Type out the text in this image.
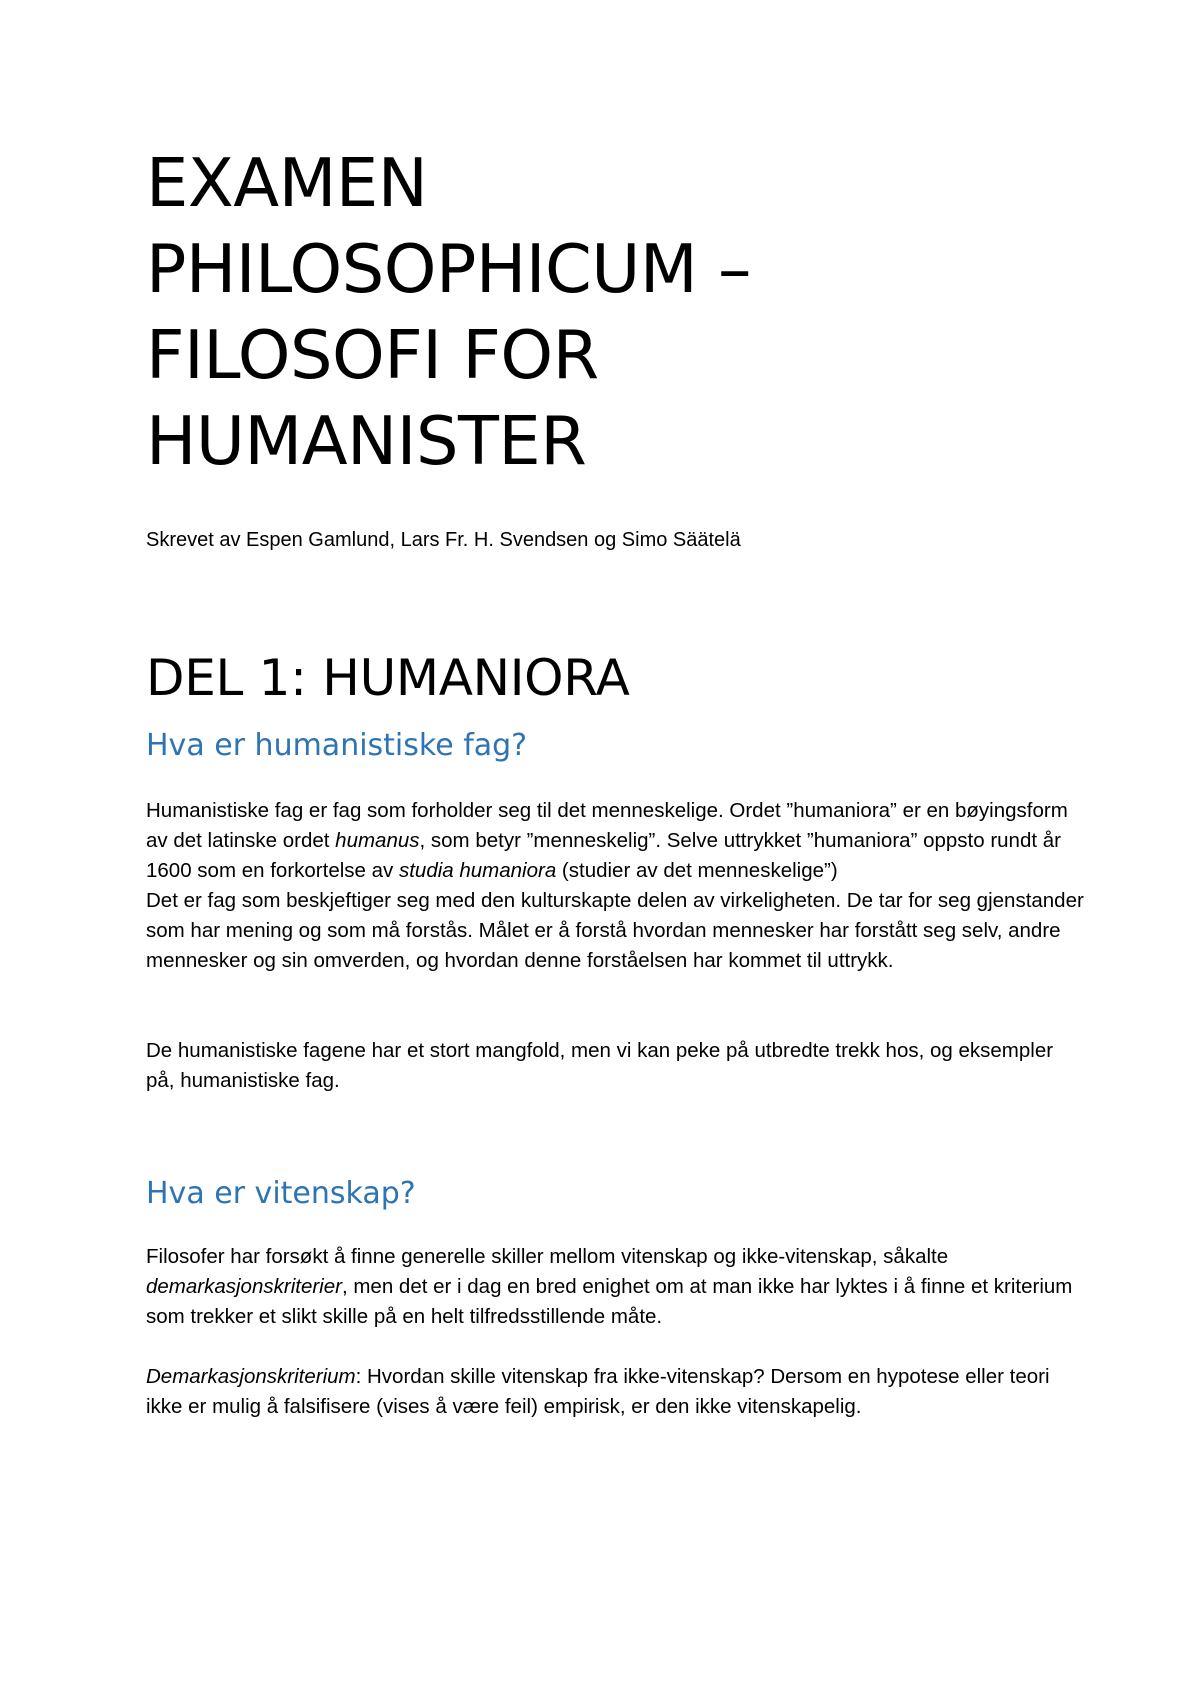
EXAMEN
PHILOSOPHICUM –
FILOSOFI FOR
HUMANISTER
Skrevet av Espen Gamlund, Lars Fr. H. Svendsen og Simo Säätelä
DEL 1: HUMANIORA
Hva er humanistiske fag?
Humanistiske fag er fag som forholder seg til det menneskelige. Ordet ”humaniora” er en bøyingsform av det latinske ordet humanus, som betyr ”menneskelig”. Selve uttrykket ”humaniora” oppsto rundt år 1600 som en forkortelse av studia humaniora (studier av det menneskelige”)
Det er fag som beskjeftiger seg med den kulturskapte delen av virkeligheten. De tar for seg gjenstander som har mening og som må forstås. Målet er å forstå hvordan mennesker har forstått seg selv, andre mennesker og sin omverden, og hvordan denne forståelsen har kommet til uttrykk.
De humanistiske fagene har et stort mangfold, men vi kan peke på utbredte trekk hos, og eksempler på, humanistiske fag.
Hva er vitenskap?
Filosofer har forsøkt å finne generelle skiller mellom vitenskap og ikke-vitenskap, såkalte demarkasjonskriterier, men det er i dag en bred enighet om at man ikke har lyktes i å finne et kriterium som trekker et slikt skille på en helt tilfredsstillende måte.
Demarkasjonskriterium: Hvordan skille vitenskap fra ikke-vitenskap? Dersom en hypotese eller teori ikke er mulig å falsifisere (vises å være feil) empirisk, er den ikke vitenskapelig.
